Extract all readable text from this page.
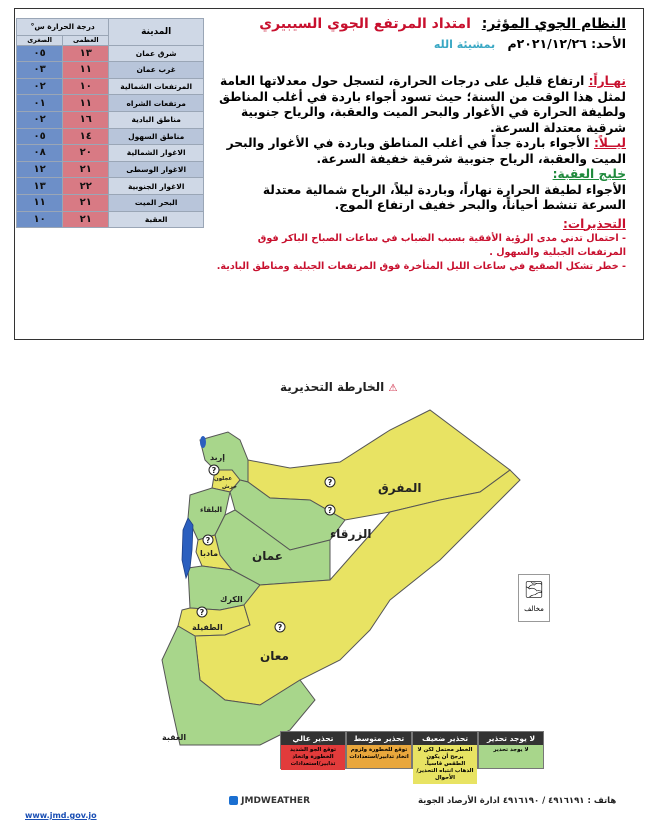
المدينة	درجة الحرارة س°	
	العظمى	الصغرى
شرق عمان	١٣	٠٥
غرب عمان	١١	٠٣
المرتفعات الشمالية	١٠	٠٢
مرتفعات الشراه	١١	٠١
مناطق البادية	١٦	٠٢
مناطق السهول	١٤	٠٥
الاغوار الشمالية	٢٠	٠٨
الاغوار الوسطى	٢١	١٢
الاغوار الجنوبية	٢٢	١٣
البحر الميت	٢١	١١
العقبة	٢١	١٠
النظام الجوي المؤثر: امتداد المرتفع الجوي السيبيري
الأحد: ٢٠٢١/١٢/٢٦م بمشيئة الله

نهـاراً: ارتفاع قليل على درجات الحرارة، لتسجل حول معدلاتها العامة لمثل هذا الوقت من السنة؛ حيث تسود أجواء باردة في أغلب المناطق ولطيفة الحرارة في الأغوار والبحر الميت والعقبة، والرياح جنوبية شرقية معتدلة السرعة.

ليــلاً: الأجواء باردة جداً في أغلب المناطق وباردة في الأغوار والبحر الميت والعقبة، الرياح جنوبية شرقية خفيفة السرعة.

خليج العقبة:

الأجواء لطيفة الحرارة نهاراً، وباردة ليلاً، الرياح شمالية معتدلة السرعة تنشط أحياناً، والبحر خفيف ارتفاع الموج.

التحذيرات:

- احتمال تدني مدى الرؤية الأفقية بسبب الضباب في ساعات الصباح الباكر فوق المرتفعات الجبلية والسهول .

- خطر تشكل الصقيع في ساعات الليل المتأخرة فوق المرتفعات الجبلية ومناطق البادية.

الخارطة التحذيرية ⚠
إربد
عجلون
جرش
البلقاء
المفرق
الزرقاء
عمان
مادبا
الكرك
الطفيلة
معان
العقبة
?
?
?
?
?
?
🌫
مخالف
لا يوجد تحذير
لا يوجد تحذير
تحذير ضعيف
الخطر محتمل لكن لا يرجح أن يكون الطقس قاسياً. الذهاب انتباه التحذير/الأحوال
تحذير متوسط
توقع للخطورة ولزوم اتخاذ تدابير/استعدادات
تحذير عالي
توقع الجو الشديد الخطورة واتخاذ تدابير/استعدادات
www.jmd.gov.jo
JMDWEATHER	هاتف : ٤٩١٦١٩١ / ٤٩١٦١٩٠ ادارة الأرصاد الجوية
